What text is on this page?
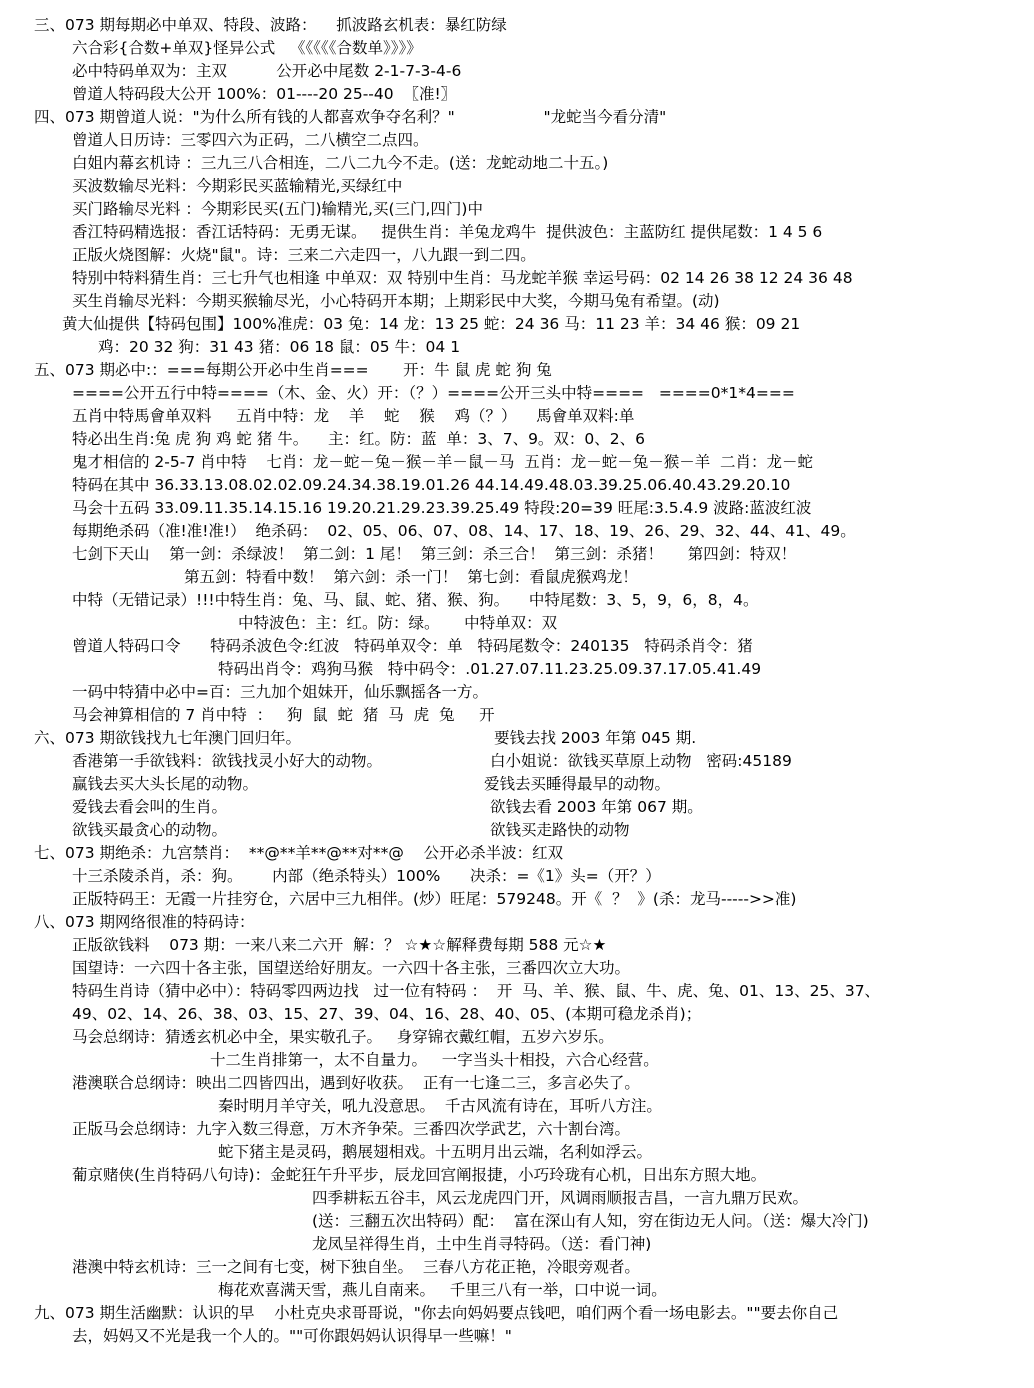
三、073 期每期必中单双、特段、波路：    抓波路玄机表：暴红防绿
六合彩{合数+单双}怪异公式   《《《《《合数单》》》》
必中特码单双为：主双          公开必中尾数 2-1-7-3-4-6
曾道人特码段大公开 100%：01----20 25--40  〖准!〗
四、073 期曾道人说："为什么所有钱的人都喜欢争夺名利？"                  "龙蛇当今看分清"
曾道人日历诗：三零四六为正码，二八横空二点四。
白姐内幕玄机诗 ：三九三八合相连，二八二九今不走。(送：龙蛇动地二十五。)
买波数输尽光料：今期彩民买蓝输精光,买绿红中
买门路输尽光料 ：今期彩民买(五门)输精光,买(三门,四门)中
香江特码精选报：香江话特码：无勇无谋。   提供生肖：羊兔龙鸡牛  提供波色：主蓝防红 提供尾数：1 4 5 6
正版火烧图解：火烧"鼠"。诗：三来二六走四一，八九跟一到二四。
特别中特料猜生肖：三七升气也相逢 中单双：双 特别中生肖：马龙蛇羊猴 幸运号码：02 14 26 38 12 24 36 48
买生肖输尽光料：今期买猴输尽光，小心特码开本期；上期彩民中大奖，今期马兔有希望。(动)
黄大仙提供【特码包围】100%准虎：03 兔：14 龙：13 25 蛇：24 36 马：11 23 羊：34 46 猴：09 21
鸡：20 32 狗：31 43 猪：06 18 鼠：05 牛：04 1
五、073 期必中:：===每期公开必中生肖===       开：牛 鼠 虎 蛇 狗 兔
====公开五行中特====（木、金、火）开：（？）====公开三头中特====   ====0*1*4===
五肖中特馬會单双料     五肖中特：龙    羊    蛇    猴    鸡（？）    馬會单双料:单
特必出生肖:兔 虎 狗 鸡 蛇 猪 牛。    主：红。防：蓝  单：3、7、9。双：0、2、6
鬼才相信的 2-5-7 肖中特    七肖：龙－蛇－兔－猴－羊－鼠－马  五肖：龙－蛇－兔－猴－羊  二肖：龙－蛇
特码在其中 36.33.13.08.02.02.09.24.34.38.19.01.26 44.14.49.48.03.39.25.06.40.43.29.20.10
马会十五码 33.09.11.35.14.15.16 19.20.21.29.23.39.25.49 特段:20=39 旺尾:3.5.4.9 波路:蓝波红波
每期绝杀码（准!准!准!）  绝杀码：  02、05、06、07、08、14、17、18、19、26、29、32、44、41、49。
七剑下天山    第一剑：杀绿波！  第二剑：1 尾！  第三剑：杀三合！  第三剑：杀猪！     第四剑：特双！
第五剑：特看中数！  第六剑：杀一门！  第七剑：看鼠虎猴鸡龙！
中特（无错记录）!!!中特生肖：兔、马、鼠、蛇、猪、猴、狗。    中特尾数：3、5，9，6，8，4。
中特波色：主：红。防：绿。     中特单双：双
曾道人特码口令      特码杀波色令:红波   特码单双令：单   特码尾数令：240135   特码杀肖令：猪
特码出肖令：鸡狗马猴   特中码令：.01.27.07.11.23.25.09.37.17.05.41.49
一码中特猜中必中=百：三九加个姐妹开，仙乐飘摇各一方。
马会神算相信的 7 肖中特  ：   狗  鼠  蛇  猪  马  虎  兔     开
六、073 期欲钱找九七年澳门回归年。	要钱去找 2003 年第 045 期.
香港第一手欲钱料：欲钱找灵小好大的动物。	白小姐说：欲钱买草原上动物   密码:45189
赢钱去买大头长尾的动物。	爱钱去买睡得最早的动物。
爱钱去看会叫的生肖。	欲钱去看 2003 年第 067 期。
欲钱买最贪心的动物。	欲钱买走路快的动物
七、073 期绝杀：九宫禁肖：  **@**羊**@**对**@    公开必杀半波：红双
十三杀陵杀肖，杀：狗。      内部（绝杀特头）100%      决杀：=《1》头=（开？）
正版特码王：无霞一片挂穷仓，六居中三九相伴。(炒）旺尾：579248。开《  ？  》(杀：龙马----->>准)
八、073 期网络很准的特码诗：
正版欲钱料    073 期：一来八来二六开  解：？ ☆★☆解释费每期 588 元☆★
国望诗：一六四十各主张，国望送给好朋友。一六四十各主张，三番四次立大功。
特码生肖诗（猜中必中）：特码零四两边找   过一位有特码 ：  开  马、羊、猴、鼠、牛、虎、兔、01、13、25、37、
49、02、14、26、38、03、15、27、39、04、16、28、40、05、(本期可稳龙杀肖)；
马会总纲诗：猜透玄机必中全，果实敬孔子。   身穿锦衣戴红帽，五岁六岁乐。
十二生肖排第一，太不自量力。   一字当头十相投，六合心经营。
港澳联合总纲诗：映出二四皆四出，遇到好收获。  正有一七逢二三，多言必失了。
秦时明月羊守关，吼九没意思。  千古风流有诗在，耳听八方注。
正版马会总纲诗：九字入数三得意，万木齐争荣。三番四次学武艺，六十割台湾。
蛇下猪主是灵码，鹅展翅相戏。十五明月出云端，名利如浮云。
葡京赌侠(生肖特码八句诗)：金蛇狂午升平步，辰龙回宫阐报捷，小巧玲珑有心机，日出东方照大地。
四季耕耘五谷丰，风云龙虎四门开，风调雨顺报吉昌，一言九鼎万民欢。
(送：三翻五次出特码）配：  富在深山有人知，穷在街边无人问。（送：爆大冷门)
龙凤呈祥得生肖，土中生肖寻特码。（送：看门神)
港澳中特玄机诗：三一之间有七变，树下独自坐。  三春八方花正艳，冷眼旁观者。
梅花欢喜满天雪，燕儿自南来。   千里三八有一举，口中说一词。
九、073 期生活幽默：认识的早    小杜克央求哥哥说，"你去向妈妈要点钱吧，咱们两个看一场电影去。""要去你自己
去，妈妈又不光是我一个人的。""可你跟妈妈认识得早一些嘛！"
